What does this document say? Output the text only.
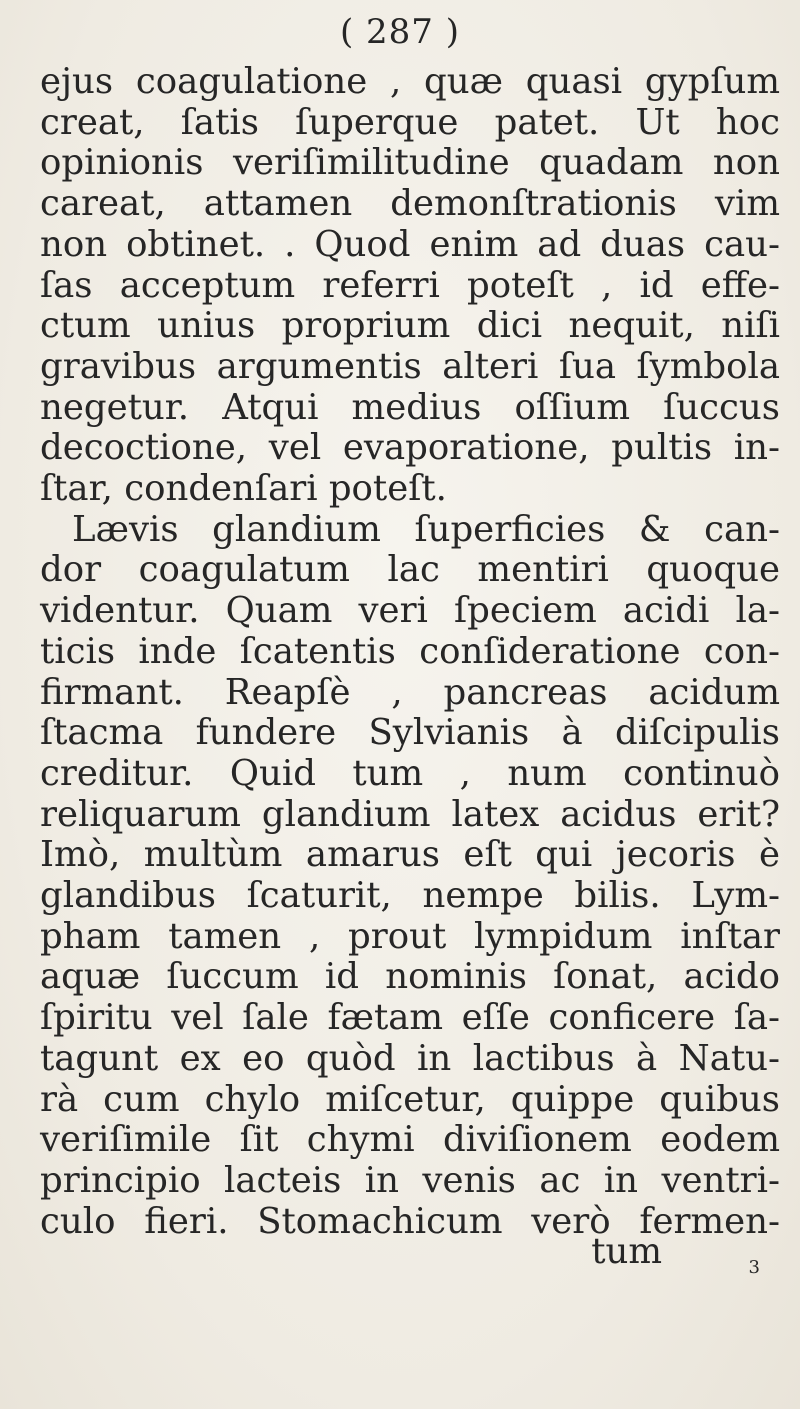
( 287 )
ejus coagulatione , quæ quasi gypſum
creat, ſatis ſuperque patet. Ut hoc
opinionis veriſimilitudine quadam non
careat, attamen demonſtrationis vim
non obtinet. . Quod enim ad duas cau-
ſas acceptum referri poteſt , id effe-
ctum unius proprium dici nequit, niſi
gravibus argumentis alteri ſua ſymbola
negetur. Atqui medius oſſium ſuccus
decoctione, vel evaporatione, pultis in-
ſtar, condenſari poteſt.
Lævis glandium ſuperficies & can-
dor coagulatum lac mentiri quoque
videntur. Quam veri ſpeciem acidi la-
ticis inde ſcatentis conſideratione con-
firmant. Reapſè , pancreas acidum
ſtacma fundere Sylvianis à diſcipulis
creditur. Quid tum , num continuò
reliquarum glandium latex acidus erit?
Imò, multùm amarus eſt qui jecoris è
glandibus ſcaturit, nempe bilis. Lym-
pham tamen , prout lympidum inſtar
aquæ ſuccum id nominis ſonat, acido
ſpiritu vel ſale fætam eſſe conficere ſa-
tagunt ex eo quòd in lactibus à Natu-
rà cum chylo miſcetur, quippe quibus
veriſimile ſit chymi diviſionem eodem
principio lacteis in venis ac in ventri-
culo fieri. Stomachicum verò fermen-
tum	3
